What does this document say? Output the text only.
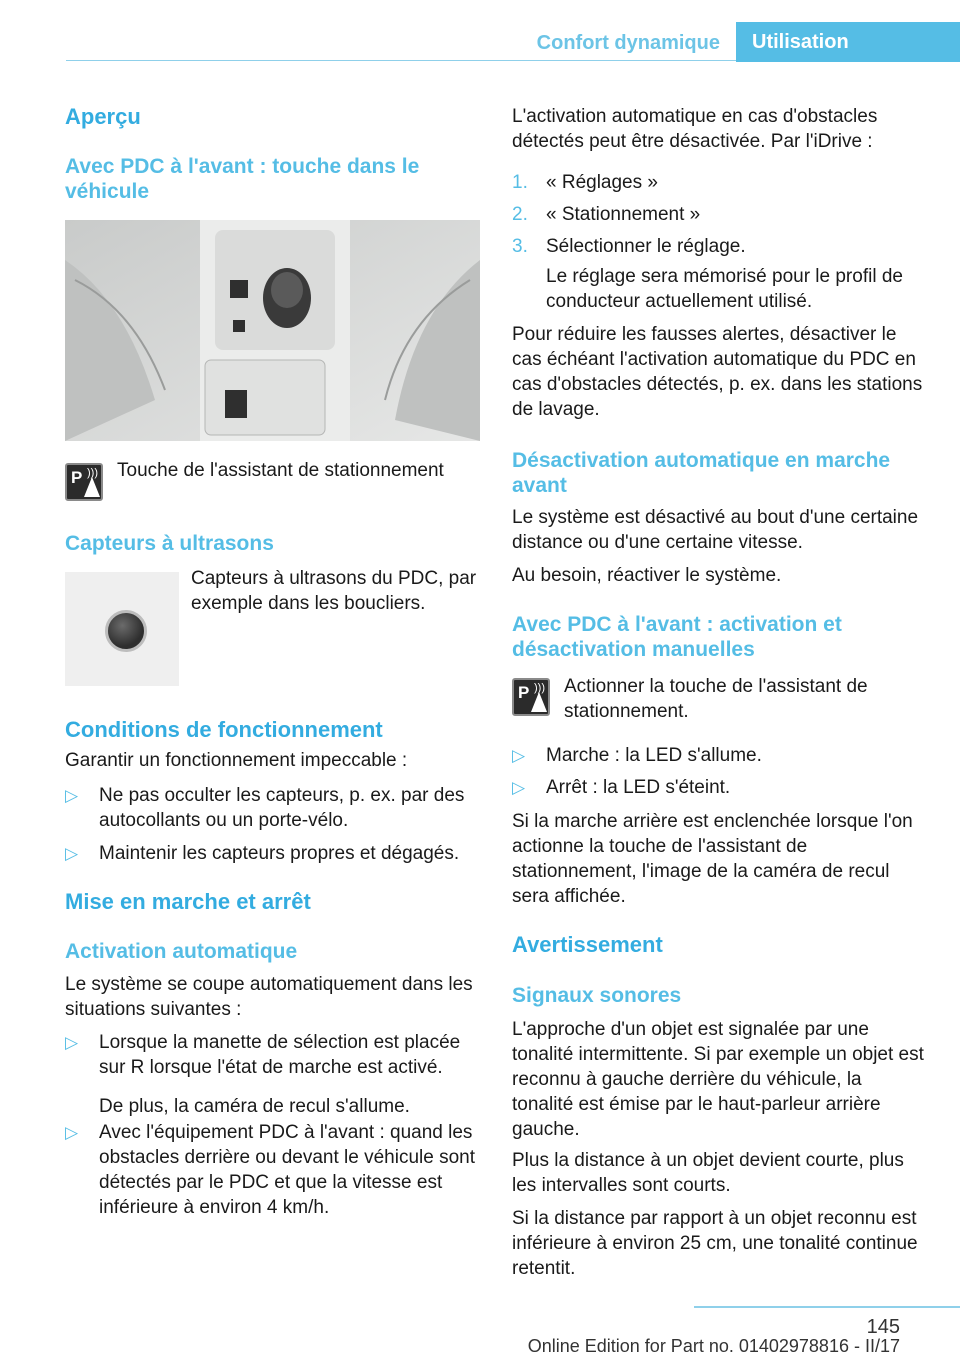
Confort dynamique	Utilisation
Aperçu
Avec PDC à l'avant : touche dans le véhicule
P ))) Touche de l'assistant de stationnement

Capteurs à ultrasons

Capteurs à ultrasons du PDC, par exemple dans les boucliers.

Conditions de fonctionnement

Garantir un fonctionnement impeccable :

▷	Ne pas occulter les capteurs, p. ex. par des autocollants ou un porte-vélo.
▷	Maintenir les capteurs propres et dégagés.
Mise en marche et arrêt
Activation automatique

Le système se coupe automatiquement dans les situations suivantes :

▷	Lorsque la manette de sélection est placée sur R lorsque l'état de marche est activé.

De plus, la caméra de recul s'allume.

▷	Avec l'équipement PDC à l'avant : quand les obstacles derrière ou devant le véhicule sont détectés par le PDC et que la vitesse est inférieure à environ 4 km/h.

L'activation automatique en cas d'obstacles détectés peut être désactivée. Par l'iDrive :

1. « Réglages »
2. « Stationnement »
3. Sélectionner le réglage.

Le réglage sera mémorisé pour le profil de conducteur actuellement utilisé.

Pour réduire les fausses alertes, désactiver le cas échéant l'activation automatique du PDC en cas d'obstacles détectés, p. ex. dans les stations de lavage.

Désactivation automatique en marche avant

Le système est désactivé au bout d'une certaine distance ou d'une certaine vitesse.

Au besoin, réactiver le système.

Avec PDC à l'avant : activation et désactivation manuelles
P ))) Actionner la touche de l'assistant de stationnement.

▷	Marche : la LED s'allume.
▷	Arrêt : la LED s'éteint.

Si la marche arrière est enclenchée lorsque l'on actionne la touche de l'assistant de stationnement, l'image de la caméra de recul sera affichée.

Avertissement
Signaux sonores

L'approche d'un objet est signalée par une tonalité intermittente. Si par exemple un objet est reconnu à gauche derrière du véhicule, la tonalité est émise par le haut-parleur arrière gauche.

Plus la distance à un objet devient courte, plus les intervalles sont courts.

Si la distance par rapport à un objet reconnu est inférieure à environ 25 cm, une tonalité continue retentit.

145
Online Edition for Part no. 01402978816 - II/17
